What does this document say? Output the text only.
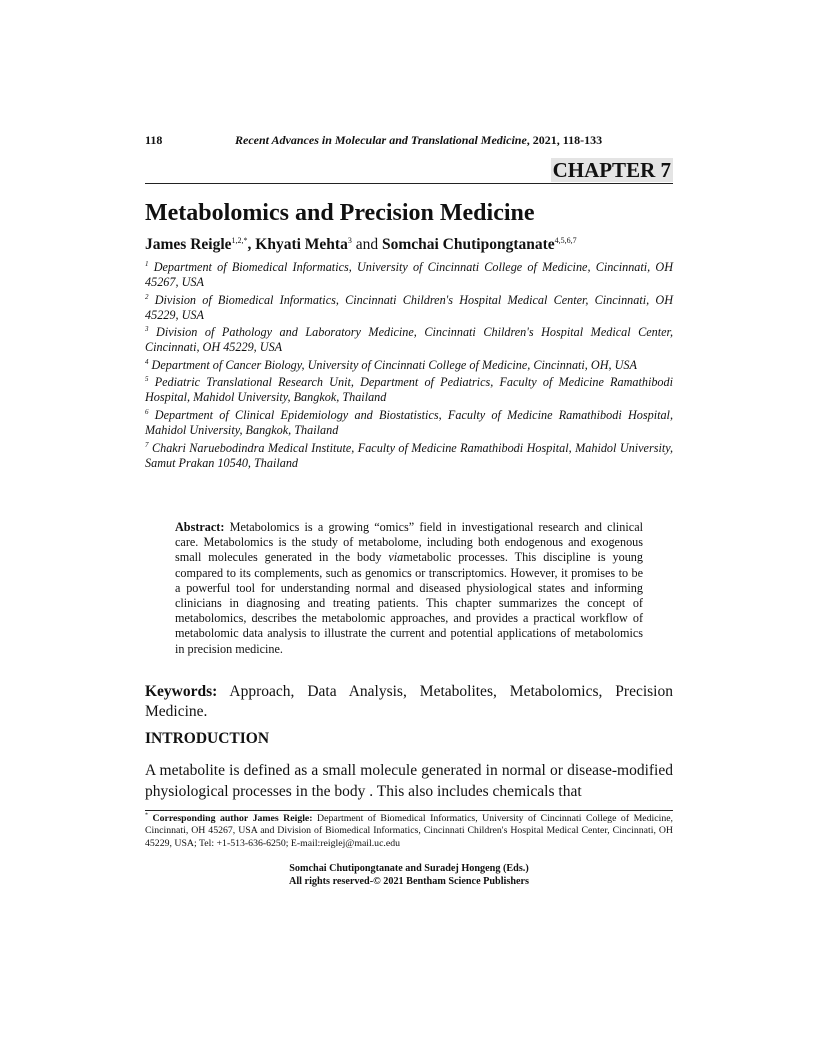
118	Recent Advances in Molecular and Translational Medicine, 2021, 118-133
CHAPTER 7
Metabolomics and Precision Medicine
James Reigle$^{1,2,*}$, Khyati Mehta$^3$ and Somchai Chutipongtanate$^{4,5,6,7}$

$^1$ Department of Biomedical Informatics, University of Cincinnati College of Medicine, Cincinnati, OH 45267, USA

$^2$ Division of Biomedical Informatics, Cincinnati Children's Hospital Medical Center, Cincinnati, OH 45229, USA

$^3$ Division of Pathology and Laboratory Medicine, Cincinnati Children's Hospital Medical Center, Cincinnati, OH 45229, USA

$^4$ Department of Cancer Biology, University of Cincinnati College of Medicine, Cincinnati, OH, USA

$^5$ Pediatric Translational Research Unit, Department of Pediatrics, Faculty of Medicine Ramathibodi Hospital, Mahidol University, Bangkok, Thailand

$^6$ Department of Clinical Epidemiology and Biostatistics, Faculty of Medicine Ramathibodi Hospital, Mahidol University, Bangkok, Thailand

$^7$ Chakri Naruebodindra Medical Institute, Faculty of Medicine Ramathibodi Hospital, Mahidol University, Samut Prakan 10540, Thailand

Abstract: Metabolomics is a growing “omics” field in investigational research and clinical care. Metabolomics is the study of metabolome, including both endogenous and exogenous small molecules generated in the body viametabolic processes. This discipline is young compared to its complements, such as genomics or transcriptomics. However, it promises to be a powerful tool for understanding normal and diseased physiological states and informing clinicians in diagnosing and treating patients. This chapter summarizes the concept of metabolomics, describes the metabolomic approaches, and provides a practical workflow of metabolomic data analysis to illustrate the current and potential applications of metabolomics in precision medicine.
Keywords: Approach, Data Analysis, Metabolites, Metabolomics, Precision Medicine.
INTRODUCTION
A metabolite is defined as a small molecule generated in normal or disease-modified physiological processes in the body . This also includes chemicals that
* Corresponding author James Reigle: Department of Biomedical Informatics, University of Cincinnati College of Medicine, Cincinnati, OH 45267, USA and Division of Biomedical Informatics, Cincinnati Children's Hospital Medical Center, Cincinnati, OH 45229, USA; Tel: +1-513-636-6250; E-mail:reiglej@mail.uc.edu
Somchai Chutipongtanate and Suradej Hongeng (Eds.)
All rights reserved-© 2021 Bentham Science Publishers
